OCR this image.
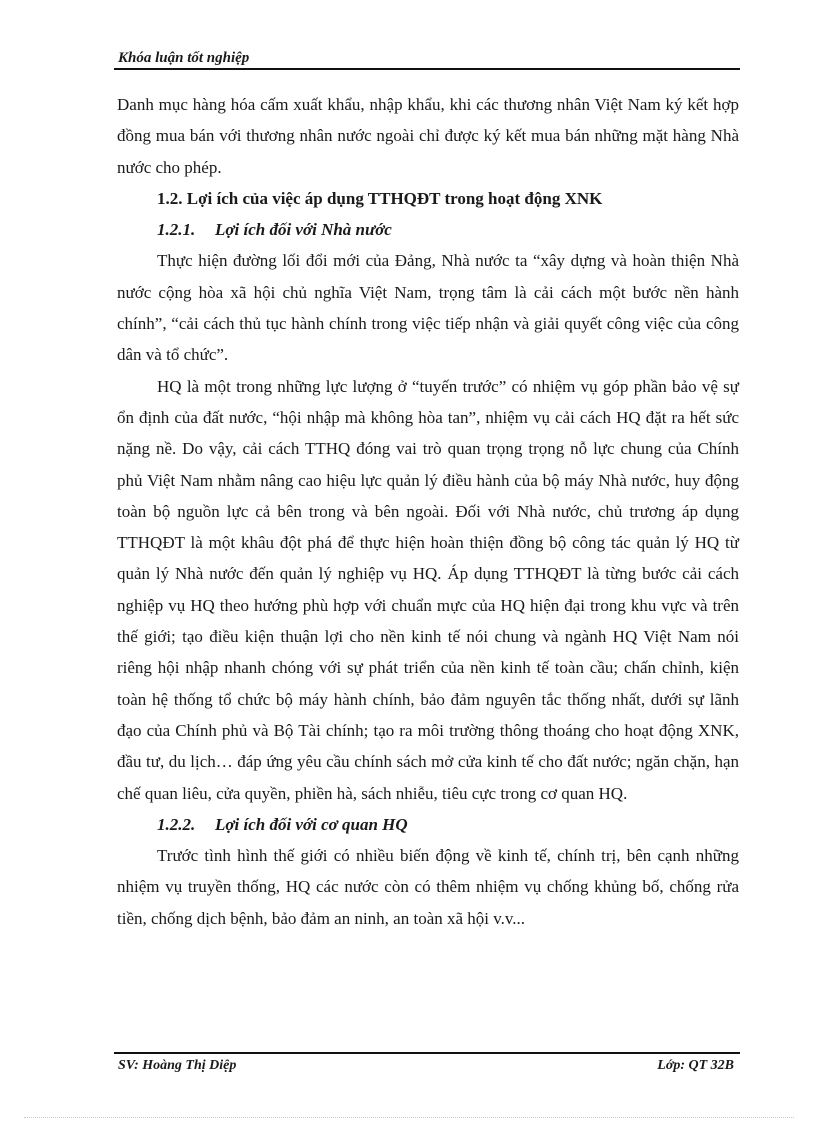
Khóa luận tốt nghiệp

Danh mục hàng hóa cấm xuất khẩu, nhập khẩu, khi các thương nhân Việt Nam ký kết hợp đồng mua bán với thương nhân nước ngoài chỉ được ký kết mua bán những mặt hàng Nhà nước cho phép.

1.2. Lợi ích của việc áp dụng TTHQĐT trong hoạt động XNK

1.2.1. Lợi ích đối với Nhà nước

Thực hiện đường lối đổi mới của Đảng, Nhà nước ta “xây dựng và hoàn thiện Nhà nước cộng hòa xã hội chủ nghĩa Việt Nam, trọng tâm là cải cách một bước nền hành chính”, “cải cách thủ tục hành chính trong việc tiếp nhận và giải quyết công việc của công dân và tổ chức”.

HQ là một trong những lực lượng ở “tuyến trước” có nhiệm vụ góp phần bảo vệ sự ổn định của đất nước, “hội nhập mà không hòa tan”, nhiệm vụ cải cách HQ đặt ra hết sức nặng nề. Do vậy, cải cách TTHQ đóng vai trò quan trọng trọng nỗ lực chung của Chính phủ Việt Nam nhằm nâng cao hiệu lực quản lý điều hành của bộ máy Nhà nước, huy động toàn bộ nguồn lực cả bên trong và bên ngoài. Đối với Nhà nước, chủ trương áp dụng TTHQĐT là một khâu đột phá để thực hiện hoàn thiện đồng bộ công tác quản lý HQ từ quản lý Nhà nước đến quản lý nghiệp vụ HQ. Áp dụng TTHQĐT là từng bước cải cách nghiệp vụ HQ theo hướng phù hợp với chuẩn mực của HQ hiện đại trong khu vực và trên thế giới; tạo điều kiện thuận lợi cho nền kinh tế nói chung và ngành HQ Việt Nam nói riêng hội nhập nhanh chóng với sự phát triển của nền kinh tế toàn cầu; chấn chỉnh, kiện toàn hệ thống tổ chức bộ máy hành chính, bảo đảm nguyên tắc thống nhất, dưới sự lãnh đạo của Chính phủ và Bộ Tài chính; tạo ra môi trường thông thoáng cho hoạt động XNK, đầu tư, du lịch… đáp ứng yêu cầu chính sách mở cửa kinh tế cho đất nước; ngăn chặn, hạn chế quan liêu, cửa quyền, phiền hà, sách nhiễu, tiêu cực trong cơ quan HQ.

1.2.2. Lợi ích đối với cơ quan HQ

Trước tình hình thế giới có nhiều biến động về kinh tế, chính trị, bên cạnh những nhiệm vụ truyền thống, HQ các nước còn có thêm nhiệm vụ chống khủng bố, chống rửa tiền, chống dịch bệnh, bảo đảm an ninh, an toàn xã hội v.v...

SV: Hoàng Thị Diệp	Lớp: QT 32B
